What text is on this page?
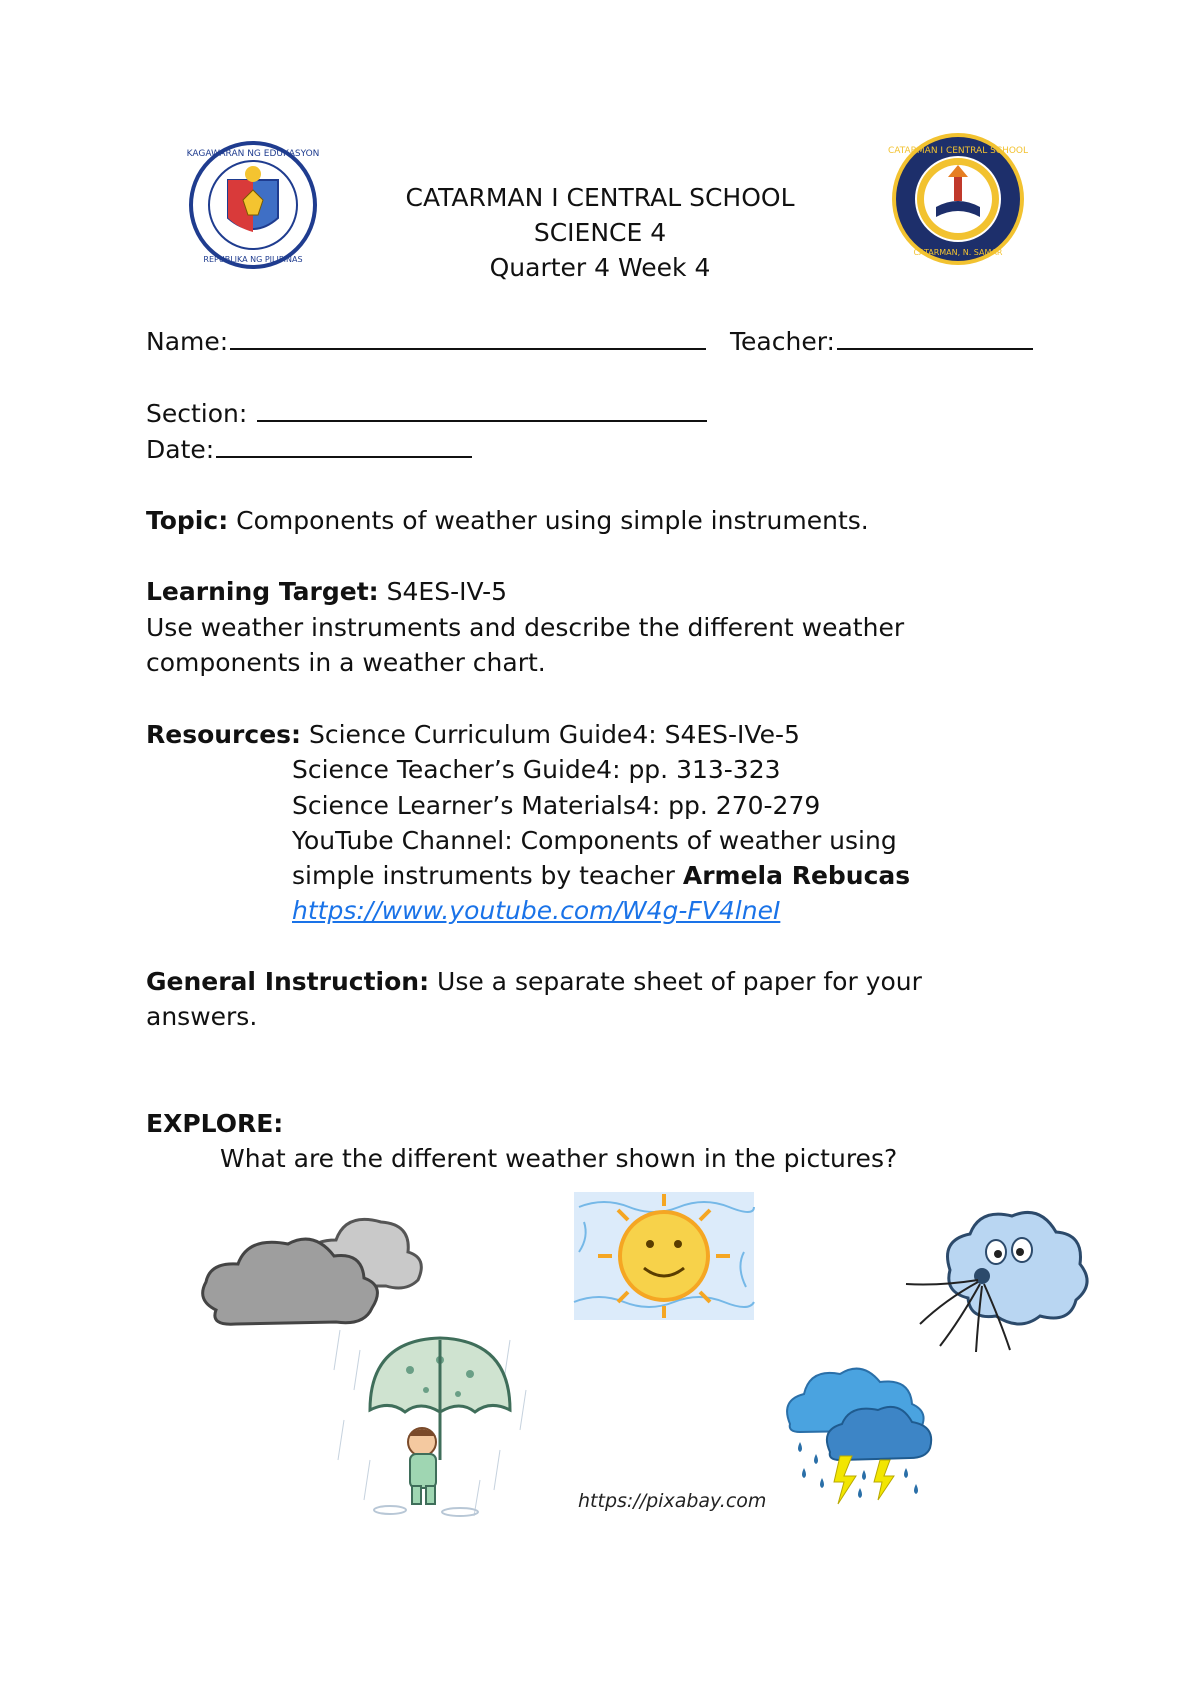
KAGAWARAN NG EDUKASYON
REPUBLIKA NG PILIPINAS
CATARMAN I CENTRAL SCHOOL
CATARMAN, N. SAMAR
CATARMAN I CENTRAL SCHOOL
SCIENCE 4
Quarter 4 Week 4
Name:	Teacher:
Section:
Date:
Topic: Components of weather using simple instruments.
Learning Target: S4ES-IV-5
Use weather instruments and describe the different weather
components in a weather chart.
Resources: Science Curriculum Guide4: S4ES-IVe-5
Science Teacher’s Guide4: pp. 313-323
Science Learner’s Materials4: pp. 270-279
YouTube Channel: Components of weather using
simple instruments by teacher Armela Rebucas
https://www.youtube.com/W4g-FV4lneI
General Instruction: Use a separate sheet of paper for your
answers.
EXPLORE:
What are the different weather shown in the pictures?
https://pixabay.com
